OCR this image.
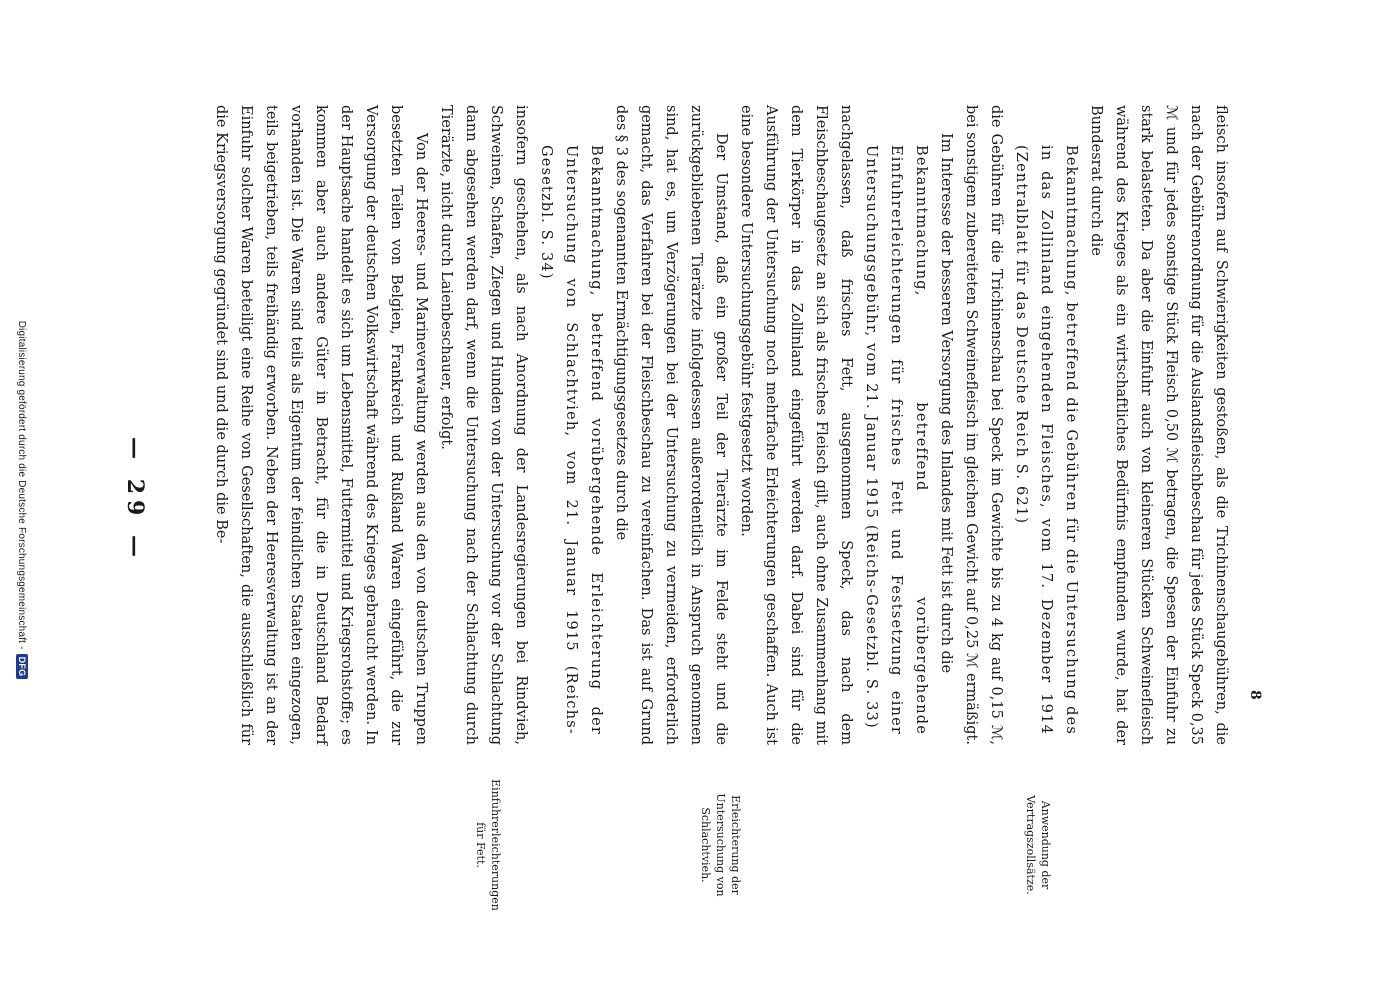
— 29 —
Einfuhrerleichterungen für Fett.	Erleichterung der Untersuchung von Schlachtvieh.	Anwendung der Vertragszollsätze.

fleisch insofern auf Schwierigkeiten gestoßen, als die Trichinenschaugebühren, die nach der Gebührenordnung für die Auslandsfleischbeschau für jedes Stück Speck 0,35 ℳ und für jedes sonstige Stück Fleisch 0,50 ℳ betragen, die Spesen der Einfuhr zu stark belasteten. Da aber die Einfuhr auch von kleineren Stücken Schweinefleisch während des Krieges als ein wirtschaftliches Bedürfnis empfunden wurde, hat der Bundesrat durch die

Bekanntmachung, betreffend die Gebühren für die Untersuchung des in das Zollinland eingehenden Fleisches, vom 17. Dezember 1914 (Zentralblatt für das Deutsche Reich S. 621)

die Gebühren für die Trichinenschau bei Speck im Gewichte bis zu 4 kg auf 0,15 ℳ, bei sonstigem zubereiteten Schweinefleisch im gleichen Gewicht auf 0,25 ℳ ermäßigt.

Im Interesse der besseren Versorgung des Inlandes mit Fett ist durch die

Bekanntmachung, betreffend vorübergehende Einfuhrerleichterungen für frisches Fett und Festsetzung einer Untersuchungsgebühr, vom 21. Januar 1915 (Reichs-Gesetzbl. S. 33)

nachgelassen, daß frisches Fett, ausgenommen Speck, das nach dem Fleischbeschaugesetz an sich als frisches Fleisch gilt, auch ohne Zusammenhang mit dem Tierkörper in das Zollinland eingeführt werden darf. Dabei sind für die Ausführung der Untersuchung noch mehrfache Erleichterungen geschaffen. Auch ist eine besondere Untersuchungsgebühr festgesetzt worden.

Der Umstand, daß ein großer Teil der Tierärzte im Felde steht und die zurückgebliebenen Tierärzte infolgedessen außerordentlich in Anspruch genommen sind, hat es, um Verzögerungen bei der Untersuchung zu vermeiden, erforderlich gemacht, das Verfahren bei der Fleischbeschau zu vereinfachen. Das ist auf Grund des § 3 des sogenannten Ermächtigungsgesetzes durch die

Bekanntmachung, betreffend vorübergehende Erleichterung der Untersuchung von Schlachtvieh, vom 21. Januar 1915 (Reichs-Gesetzbl. S. 34)

insofern geschehen, als nach Anordnung der Landesregierungen bei Rindvieh, Schweinen, Schafen, Ziegen und Hunden von der Untersuchung vor der Schlachtung dann abgesehen werden darf, wenn die Untersuchung nach der Schlachtung durch Tierärzte, nicht durch Laienbeschauer, erfolgt.

Von der Heeres- und Marineverwaltung werden aus den von deutschen Truppen besetzten Teilen von Belgien, Frankreich und Rußland Waren eingeführt, die zur Versorgung der deutschen Volkswirtschaft während des Krieges gebraucht werden. In der Hauptsache handelt es sich um Lebensmittel, Futtermittel und Kriegsrohstoffe; es kommen aber auch andere Güter in Betracht, für die in Deutschland Bedarf vorhanden ist. Die Waren sind teils als Eigentum der feindlichen Staaten eingezogen, teils beigetrieben, teils freihändig erworben. Neben der Heeresverwaltung ist an der Einfuhr solcher Waren beteiligt eine Reihe von Gesellschaften, die ausschließlich für die Kriegsversorgung gegründet sind und die durch die Be-

8
Digitalisierung gefördert durch die Deutsche Forschungsgemeinschaft -DFG
